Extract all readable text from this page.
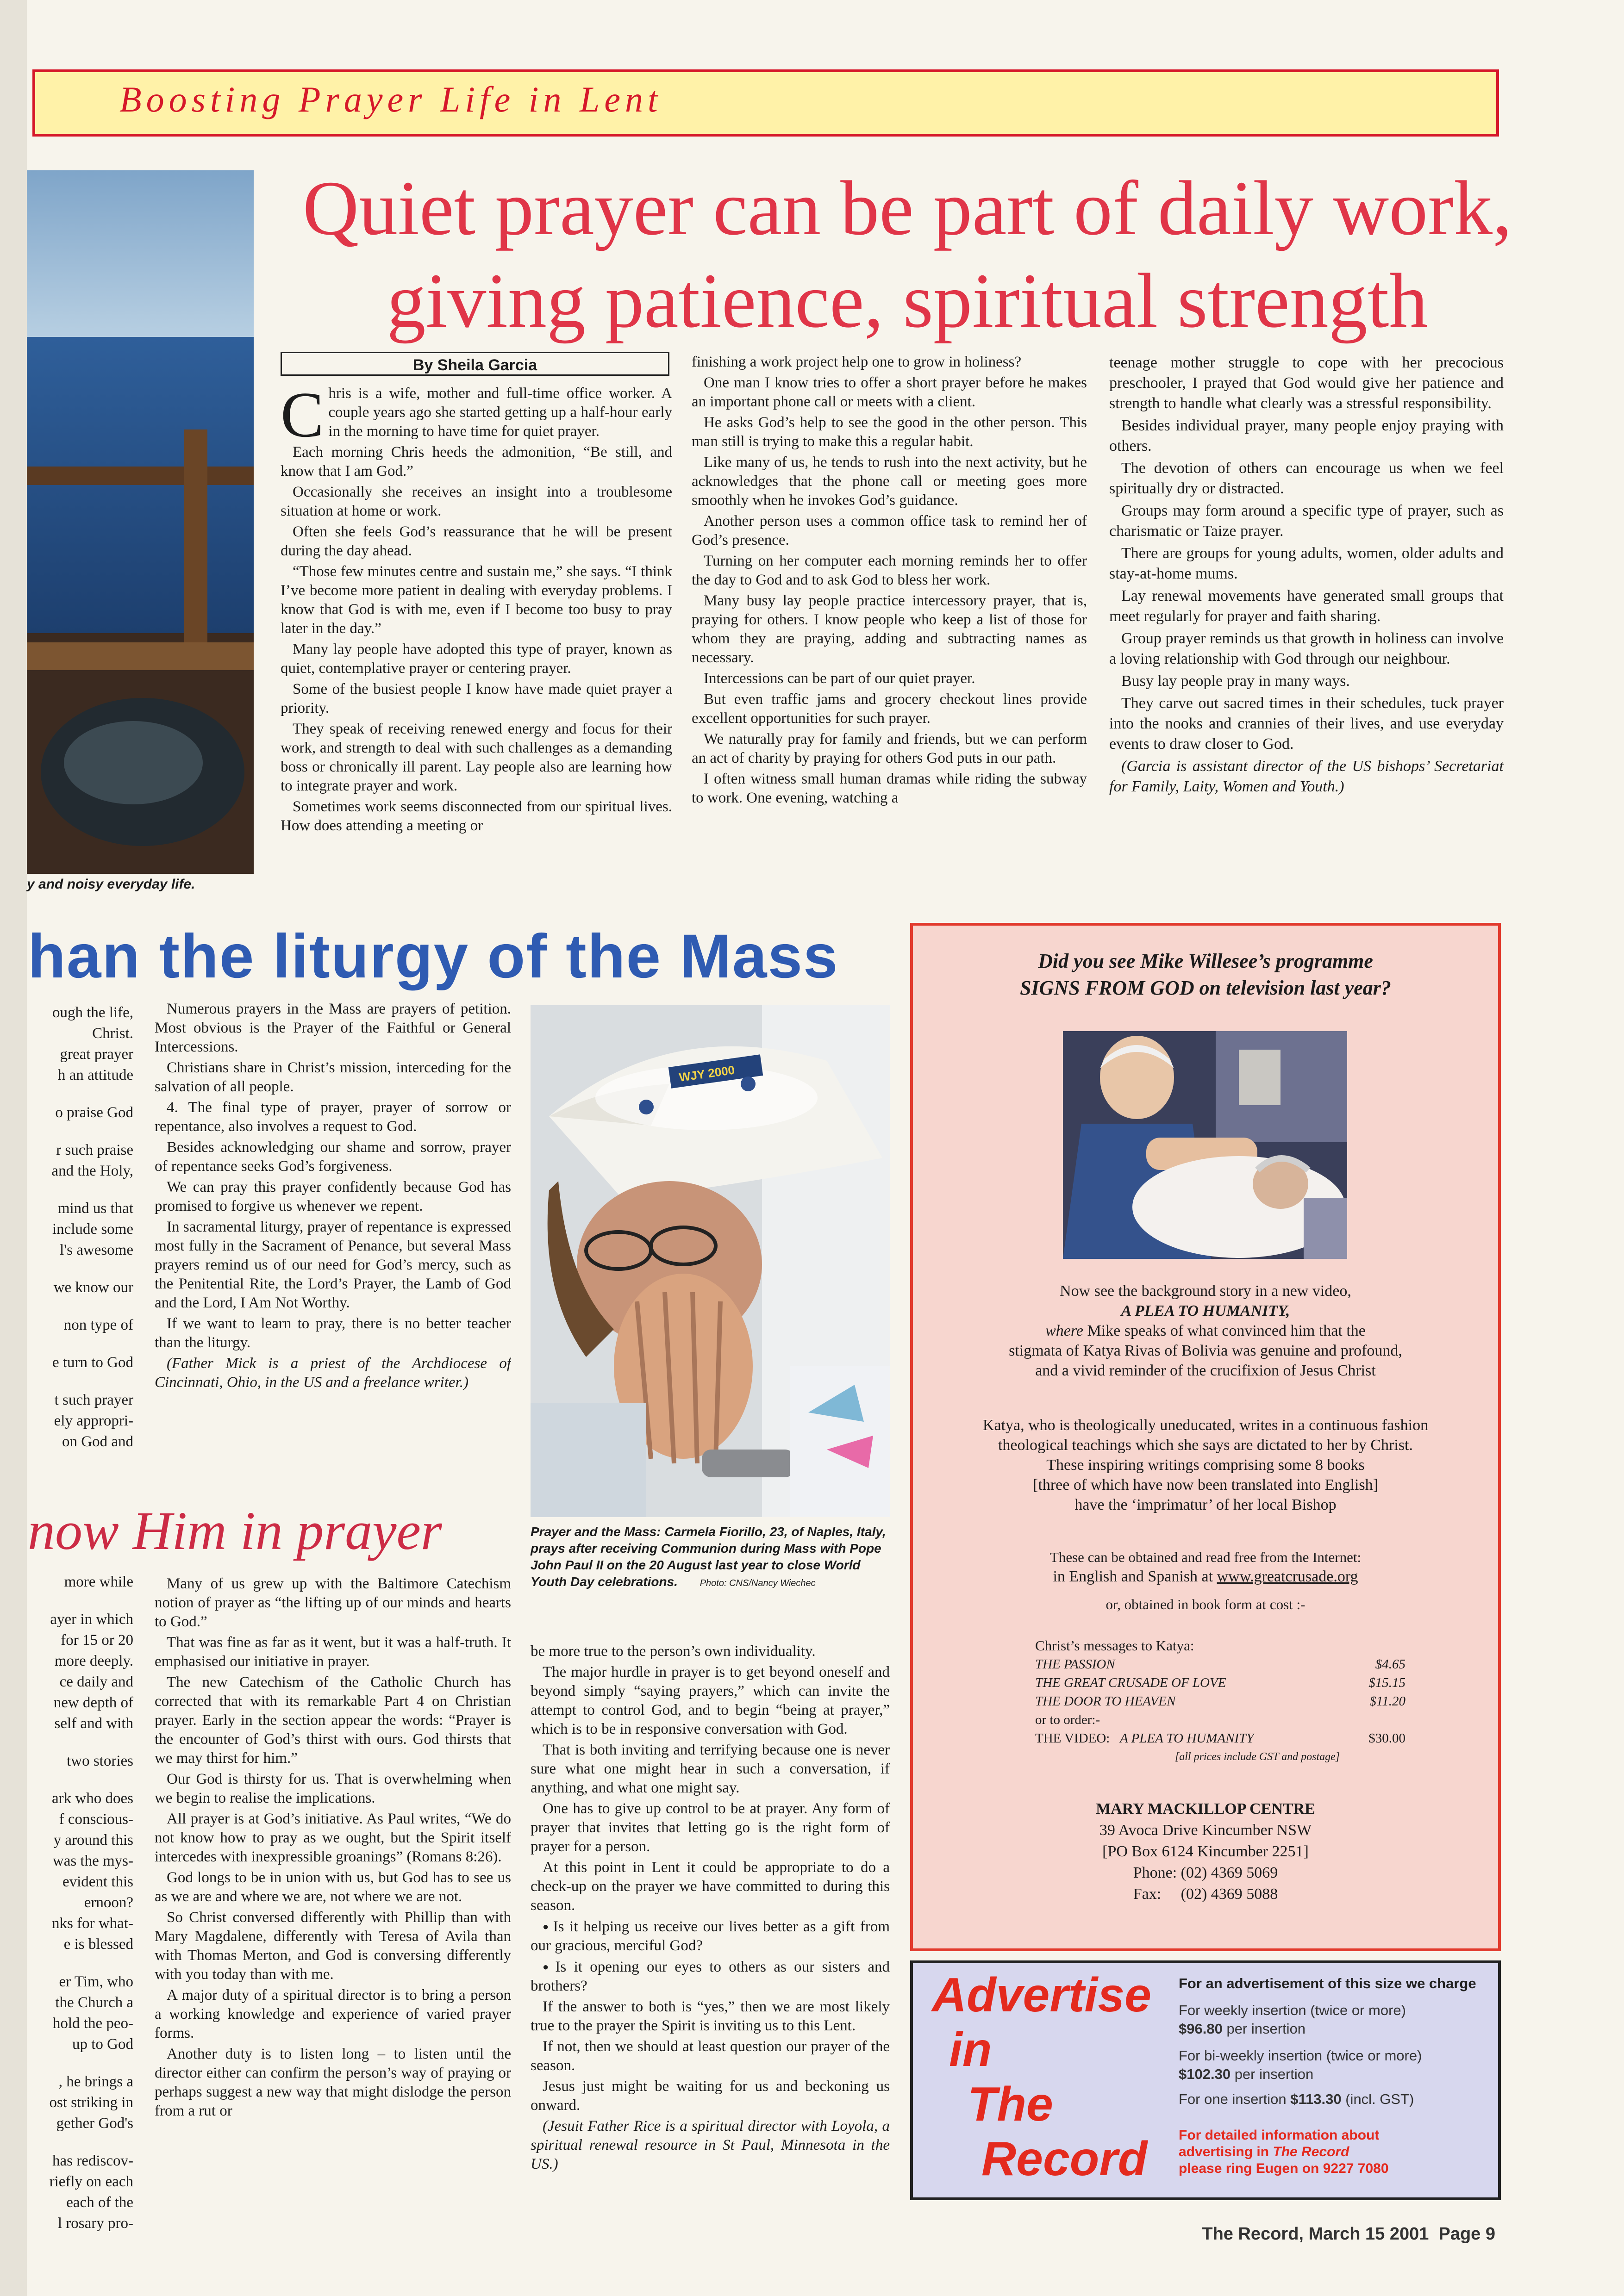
Boosting Prayer Life in Lent
y and noisy everyday life.
Quiet prayer can be part of daily work,
giving patience, spiritual strength
By Sheila Garcia

Chris is a wife, mother and full-time office worker. A couple years ago she started getting up a half-hour early in the morning to have time for quiet prayer.

Each morning Chris heeds the admonition, “Be still, and know that I am God.”

Occasionally she receives an insight into a troublesome situation at home or work.

Often she feels God’s reassurance that he will be present during the day ahead.

“Those few minutes centre and sustain me,” she says. “I think I’ve become more patient in dealing with everyday problems. I know that God is with me, even if I become too busy to pray later in the day.”

Many lay people have adopted this type of prayer, known as quiet, contemplative prayer or centering prayer.

Some of the busiest people I know have made quiet prayer a priority.

They speak of receiving renewed energy and focus for their work, and strength to deal with such challenges as a demanding boss or chronically ill parent. Lay people also are learning how to integrate prayer and work.

Sometimes work seems disconnected from our spiritual lives. How does attending a meeting or

finishing a work project help one to grow in holiness?

One man I know tries to offer a short prayer before he makes an important phone call or meets with a client.

He asks God’s help to see the good in the other person. This man still is trying to make this a regular habit.

Like many of us, he tends to rush into the next activity, but he acknowledges that the phone call or meeting goes more smoothly when he invokes God’s guidance.

Another person uses a common office task to remind her of God’s presence.

Turning on her computer each morning reminds her to offer the day to God and to ask God to bless her work.

Many busy lay people practice intercessory prayer, that is, praying for others. I know people who keep a list of those for whom they are praying, adding and subtracting names as necessary.

Intercessions can be part of our quiet prayer.

But even traffic jams and grocery checkout lines provide excellent opportunities for such prayer.

We naturally pray for family and friends, but we can perform an act of charity by praying for others God puts in our path.

I often witness small human dramas while riding the subway to work. One evening, watching a

teenage mother struggle to cope with her precocious preschooler, I prayed that God would give her patience and strength to handle what clearly was a stressful responsibility.

Besides individual prayer, many people enjoy praying with others.

The devotion of others can encourage us when we feel spiritually dry or distracted.

Groups may form around a specific type of prayer, such as charismatic or Taize prayer.

There are groups for young adults, women, older adults and stay-at-home mums.

Lay renewal movements have generated small groups that meet regularly for prayer and faith sharing.

Group prayer reminds us that growth in holiness can involve a loving relationship with God through our neighbour.

Busy lay people pray in many ways.

They carve out sacred times in their schedules, tuck prayer into the nooks and crannies of their lives, and use everyday events to draw closer to God.

(Garcia is assistant director of the US bishops’ Secretariat for Family, Laity, Women and Youth.)

han the liturgy of the Mass

ough the life,

Christ.

great prayer

h an attitude

o praise God

r such praise

and the Holy,

mind us that

include some

l's awesome

we know our

non type of

e turn to God

t such prayer

ely appropri-

on God and

Numerous prayers in the Mass are prayers of petition. Most obvious is the Prayer of the Faithful or General Intercessions.

Christians share in Christ’s mission, interceding for the salvation of all people.

4. The final type of prayer, prayer of sorrow or repentance, also involves a request to God.

Besides acknowledging our shame and sorrow, prayer of repentance seeks God’s forgiveness.

We can pray this prayer confidently because God has promised to forgive us whenever we repent.

In sacramental liturgy, prayer of repentance is expressed most fully in the Sacrament of Penance, but several Mass prayers remind us of our need for God’s mercy, such as the Penitential Rite, the Lord’s Prayer, the Lamb of God and the Lord, I Am Not Worthy.

If we want to learn to pray, there is no better teacher than the liturgy.

(Father Mick is a priest of the Archdiocese of Cincinnati, Ohio, in the US and a freelance writer.)

WJY 2000
Prayer and the Mass: Carmela Fiorillo, 23, of Naples, Italy, prays after receiving Communion during Mass with Pope John Paul II on the 20 August last year to close World Youth Day celebrations. Photo: CNS/Nancy Wiechec
now Him in prayer

more while

ayer in which

for 15 or 20

more deeply.

ce daily and

new depth of

self and with

two stories

ark who does

f conscious-

y around this

was the mys-

evident this

ernoon?

nks for what-

e is blessed

er Tim, who

the Church a

hold the peo-

up to God

, he brings a

ost striking in

gether God's

has rediscov-

riefly on each

each of the

l rosary pro-

Many of us grew up with the Baltimore Catechism notion of prayer as “the lifting up of our minds and hearts to God.”

That was fine as far as it went, but it was a half-truth. It emphasised our initiative in prayer.

The new Catechism of the Catholic Church has corrected that with its remarkable Part 4 on Christian prayer. Early in the section appear the words: “Prayer is the encounter of God’s thirst with ours. God thirsts that we may thirst for him.”

Our God is thirsty for us. That is overwhelming when we begin to realise the implications.

All prayer is at God’s initiative. As Paul writes, “We do not know how to pray as we ought, but the Spirit itself intercedes with inexpressible groanings” (Romans 8:26).

God longs to be in union with us, but God has to see us as we are and where we are, not where we are not.

So Christ conversed differently with Phillip than with Mary Magdalene, differently with Teresa of Avila than with Thomas Merton, and God is conversing differently with you today than with me.

A major duty of a spiritual director is to bring a person a working knowledge and experience of varied prayer forms.

Another duty is to listen long – to listen until the director either can confirm the person’s way of praying or perhaps suggest a new way that might dislodge the person from a rut or

be more true to the person’s own individuality.

The major hurdle in prayer is to get beyond oneself and beyond simply “saying prayers,” which can invite the attempt to control God, and to begin “being at prayer,” which is to be in responsive conversation with God.

That is both inviting and terrifying because one is never sure what one might hear in such a conversation, if anything, and what one might say.

One has to give up control to be at prayer. Any form of prayer that invites that letting go is the right form of prayer for a person.

At this point in Lent it could be appropriate to do a check-up on the prayer we have committed to during this season.

● Is it helping us receive our lives better as a gift from our gracious, merciful God?

● Is it opening our eyes to others as our sisters and brothers?

If the answer to both is “yes,” then we are most likely true to the prayer the Spirit is inviting us to this Lent.

If not, then we should at least question our prayer of the season.

Jesus just might be waiting for us and beckoning us onward.

(Jesuit Father Rice is a spiritual director with Loyola, a spiritual renewal resource in St Paul, Minnesota in the US.)

Did you see Mike Willesee’s programme
SIGNS FROM GOD on television last year?
Now see the background story in a new video,
A PLEA TO HUMANITY,
where Mike speaks of what convinced him that the
stigmata of Katya Rivas of Bolivia was genuine and profound,
and a vivid reminder of the crucifixion of Jesus Christ
Katya, who is theologically uneducated, writes in a continuous fashion
theological teachings which she says are dictated to her by Christ.
These inspiring writings comprising some 8 books
[three of which have now been translated into English]
have the ‘imprimatur’ of her local Bishop
These can be obtained and read free from the Internet:
in English and Spanish at www.greatcrusade.org
or, obtained in book form at cost :-
Christ’s messages to Katya:
THE PASSION	$4.65
THE GREAT CRUSADE OF LOVE	$15.15
THE DOOR TO HEAVEN	$11.20
or to order:-
THE VIDEO: A PLEA TO HUMANITY	$30.00
[all prices include GST and postage]
MARY MACKILLOP CENTRE
39 Avoca Drive Kincumber NSW
[PO Box 6124 Kincumber 2251]
Phone: (02) 4369 5069
Fax: (02) 4369 5088
Advertise
in
The
Record
For an advertisement of this size we charge
For weekly insertion (twice or more)
$96.80 per insertion
For bi-weekly insertion (twice or more)
$102.30 per insertion
For one insertion $113.30 (incl. GST)
For detailed information about
advertising in The Record
please ring Eugen on 9227 7080
The Record, March 15 2001  Page 9
